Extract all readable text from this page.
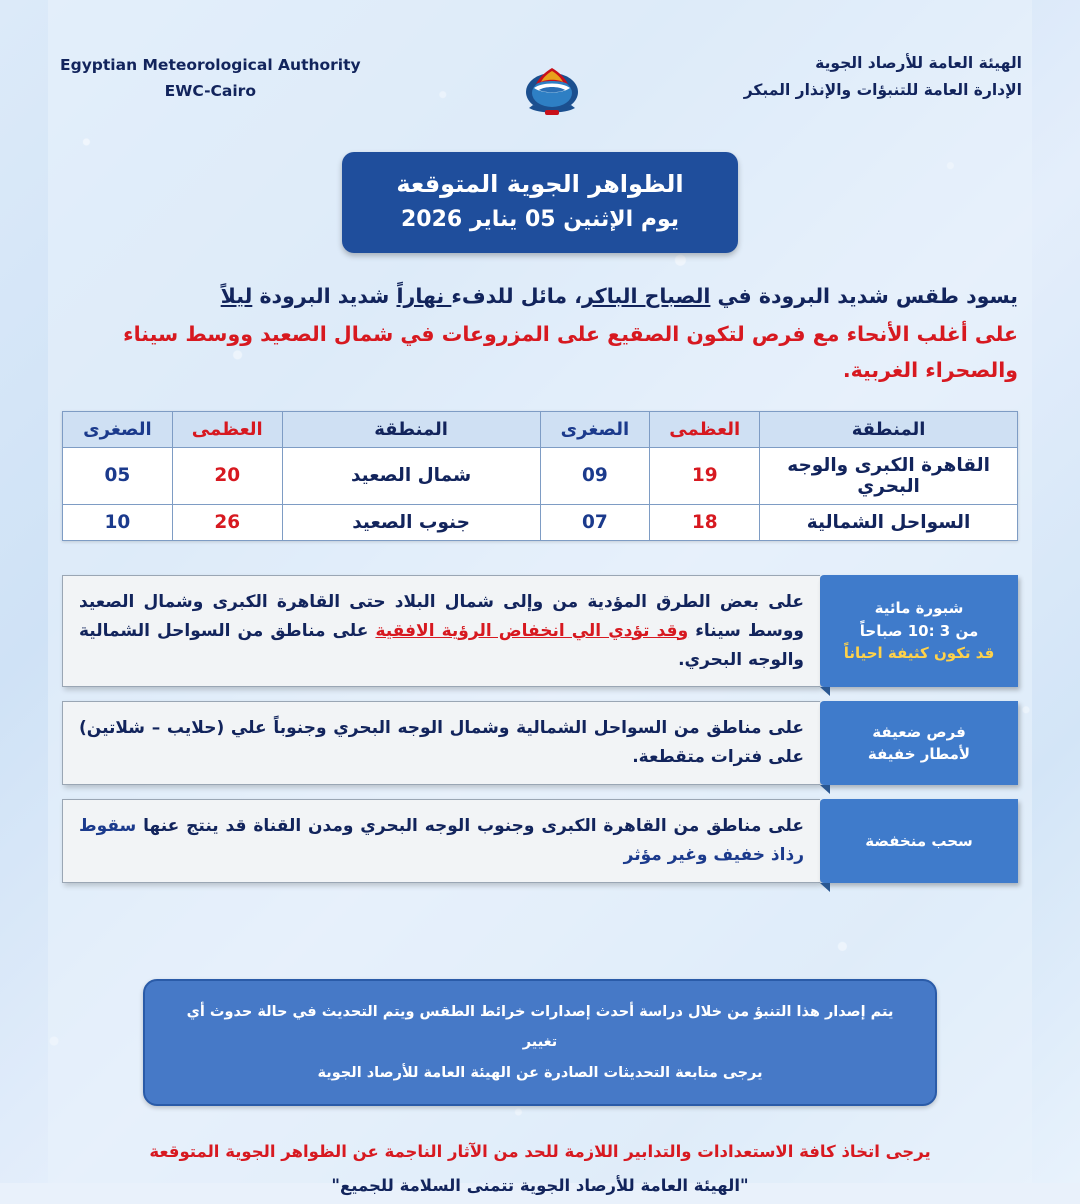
الهيئة العامة للأرصاد الجوية
الإدارة العامة للتنبؤات والإنذار المبكر
Egyptian Meteorological Authority
EWC-Cairo
الظواهر الجوية المتوقعة
يوم الإثنين 05 يناير 2026

يسود طقس شديد البرودة في الصباح الباكر، مائل للدفء نهاراً شديد البرودة ليلاً

على أغلب الأنحاء مع فرص لتكون الصقيع على المزروعات في شمال الصعيد ووسط سيناء والصحراء الغربية.

المنطقة	العظمى	الصغرى	المنطقة	العظمى	الصغرى
القاهرة الكبرى والوجه البحري	19	09	شمال الصعيد	20	05
السواحل الشمالية	18	07	جنوب الصعيد	26	10
شبورة مائية
من 3 :10 صباحاً
قد تكون كثيفة احياناً
على بعض الطرق المؤدية من وإلى شمال البلاد حتى القاهرة الكبرى وشمال الصعيد ووسط سيناء وقد تؤدي الي انخفاض الرؤية الافقية على مناطق من السواحل الشمالية والوجه البحري.
فرص ضعيفة
لأمطار خفيفة
على مناطق من السواحل الشمالية وشمال الوجه البحري وجنوباً علي (حلايب – شلاتين) على فترات متقطعة.
سحب منخفضة
على مناطق من القاهرة الكبرى وجنوب الوجه البحري ومدن القناة قد ينتج عنها سقوط رذاذ خفيف وغير مؤثر
يتم إصدار هذا التنبؤ من خلال دراسة أحدث إصدارات خرائط الطقس ويتم التحديث في حالة حدوث أي تغيير
يرجى متابعة التحديثات الصادرة عن الهيئة العامة للأرصاد الجوية
يرجى اتخاذ كافة الاستعدادات والتدابير اللازمة للحد من الآثار الناجمة عن الظواهر الجوية المتوقعة
"الهيئة العامة للأرصاد الجوية تتمنى السلامة للجميع"
